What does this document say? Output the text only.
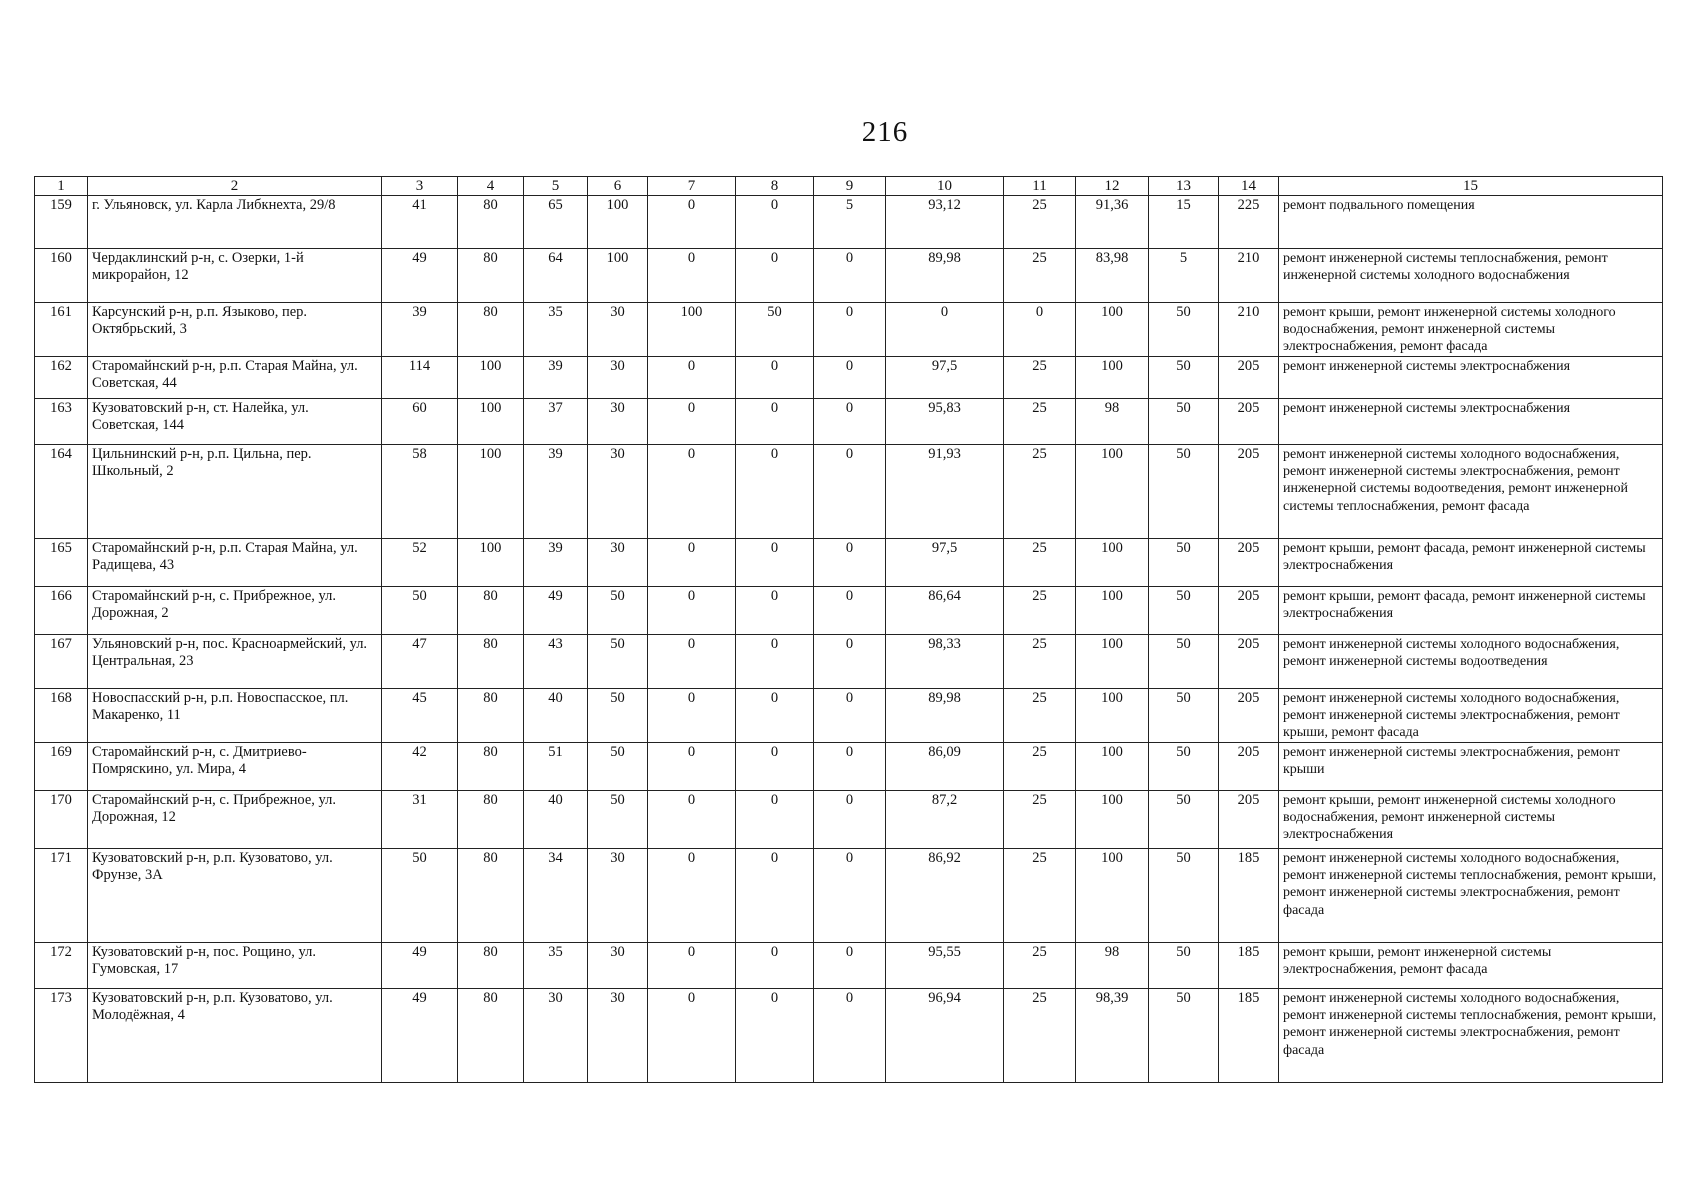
216
1	2	3	4	5	6	7	8	9	10	11	12	13	14	15
159	г. Ульяновск, ул. Карла Либкнехта, 29/8	41	80	65	100	0	0	5	93,12	25	91,36	15	225	ремонт подвального помещения
160	Чердаклинский р-н, с. Озерки, 1-й микрорайон, 12	49	80	64	100	0	0	0	89,98	25	83,98	5	210	ремонт инженерной системы теплоснабжения, ремонт инженерной системы холодного водоснабжения
161	Карсунский р-н, р.п. Языково, пер. Октябрьский, 3	39	80	35	30	100	50	0	0	0	100	50	210	ремонт крыши, ремонт инженерной системы холодного водоснабжения, ремонт инженерной системы электроснабжения, ремонт фасада
162	Старомайнский р-н, р.п. Старая Майна, ул. Советская, 44	114	100	39	30	0	0	0	97,5	25	100	50	205	ремонт инженерной системы электроснабжения
163	Кузоватовский р-н, ст. Налейка, ул. Советская, 144	60	100	37	30	0	0	0	95,83	25	98	50	205	ремонт инженерной системы электроснабжения
164	Цильнинский р-н, р.п. Цильна, пер. Школьный, 2	58	100	39	30	0	0	0	91,93	25	100	50	205	ремонт инженерной системы холодного водоснабжения, ремонт инженерной системы электроснабжения, ремонт инженерной системы водоотведения, ремонт инженерной системы теплоснабжения, ремонт фасада
165	Старомайнский р-н, р.п. Старая Майна, ул. Радищева, 43	52	100	39	30	0	0	0	97,5	25	100	50	205	ремонт крыши, ремонт фасада, ремонт инженерной системы электроснабжения
166	Старомайнский р-н, с. Прибрежное, ул. Дорожная, 2	50	80	49	50	0	0	0	86,64	25	100	50	205	ремонт крыши, ремонт фасада, ремонт инженерной системы электроснабжения
167	Ульяновский р-н, пос. Красноармейский, ул. Центральная, 23	47	80	43	50	0	0	0	98,33	25	100	50	205	ремонт инженерной системы холодного водоснабжения, ремонт инженерной системы водоотведения
168	Новоспасский р-н, р.п. Новоспасское, пл. Макаренко, 11	45	80	40	50	0	0	0	89,98	25	100	50	205	ремонт инженерной системы холодного водоснабжения, ремонт инженерной системы электроснабжения, ремонт крыши, ремонт фасада
169	Старомайнский р-н, с. Дмитриево-Помряскино, ул. Мира, 4	42	80	51	50	0	0	0	86,09	25	100	50	205	ремонт инженерной системы электроснабжения, ремонт крыши
170	Старомайнский р-н, с. Прибрежное, ул. Дорожная, 12	31	80	40	50	0	0	0	87,2	25	100	50	205	ремонт крыши, ремонт инженерной системы холодного водоснабжения, ремонт инженерной системы электроснабжения
171	Кузоватовский р-н, р.п. Кузоватово, ул. Фрунзе, 3А	50	80	34	30	0	0	0	86,92	25	100	50	185	ремонт инженерной системы холодного водоснабжения, ремонт инженерной системы теплоснабжения, ремонт крыши, ремонт инженерной системы электроснабжения, ремонт фасада
172	Кузоватовский р-н, пос. Рощино, ул. Гумовская, 17	49	80	35	30	0	0	0	95,55	25	98	50	185	ремонт крыши, ремонт инженерной системы электроснабжения, ремонт фасада
173	Кузоватовский р-н, р.п. Кузоватово, ул. Молодёжная, 4	49	80	30	30	0	0	0	96,94	25	98,39	50	185	ремонт инженерной системы холодного водоснабжения, ремонт инженерной системы теплоснабжения, ремонт крыши, ремонт инженерной системы электроснабжения, ремонт фасада
